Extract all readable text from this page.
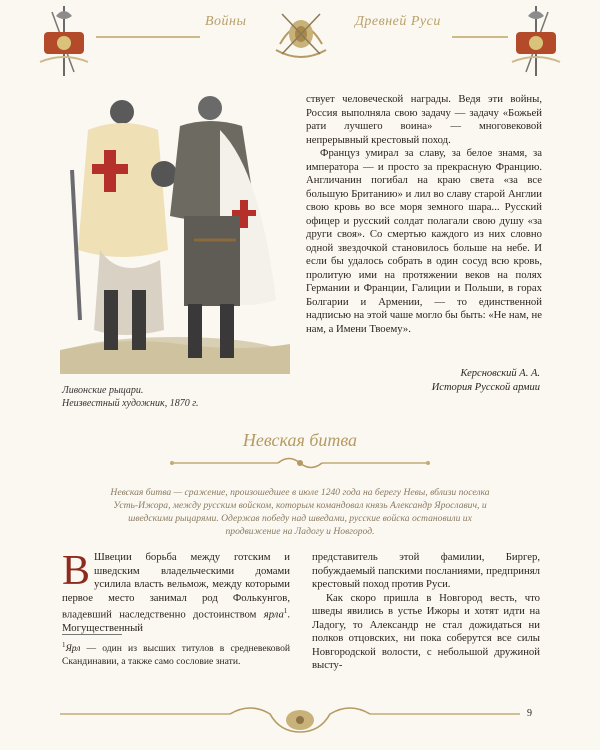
Войны	Древней Руси
Ливонские рыцари.
Неизвестный художник, 1870 г.

ствует человеческой награды. Ведя эти войны, Россия выполняла свою задачу — задачу «Божьей рати лучшего воина» — многовековой непрерывный крестовый поход.

Француз умирал за славу, за белое знамя, за императора — и просто за прекрасную Францию. Англичанин погибал на краю света «за все большую Британию» и лил во славу старой Англии свою кровь во все моря земного шара... Русский офицер и русский солдат полагали свою душу «за други своя». Со смертью каждого из них словно одной звездочкой становилось больше на небе. И если бы удалось собрать в один сосуд всю кровь, пролитую ими на протяжении веков на полях Германии и Франции, Галиции и Польши, в горах Болгарии и Армении, — то единственной надписью на этой чаше могло бы быть: «Не нам, не нам, а Имени Твоему».

Керсновский А. А.
История Русской армии
Невская битва
Невская битва — сражение, произошедшее в июле 1240 года на берегу Невы, вблизи поселка Усть-Ижора, между русским войском, которым командовал князь Александр Ярославич, и шведскими рыцарями. Одержав победу над шведами, русские войска остановили их продвижение на Ладогу и Новгород.

В Швеции борьба между готским и шведским владельческими домами усилила власть вельмож, между которыми первое место занимал род Фолькунгов, владевший наследственно достоинством ярла$^1$. Могущественный

$^1$Ярл — один из высших титулов в средневековой Скандинавии, а также само сословие знати.

представитель этой фамилии, Биргер, побуждаемый папскими посланиями, предпринял крестовый поход против Руси.

Как скоро пришла в Новгород весть, что шведы явились в устье Ижоры и хотят идти на Ладогу, то Александр не стал дожидаться ни полков отцовских, ни пока соберутся все силы Новгородской волости, с небольшой дружиной высту-

9
